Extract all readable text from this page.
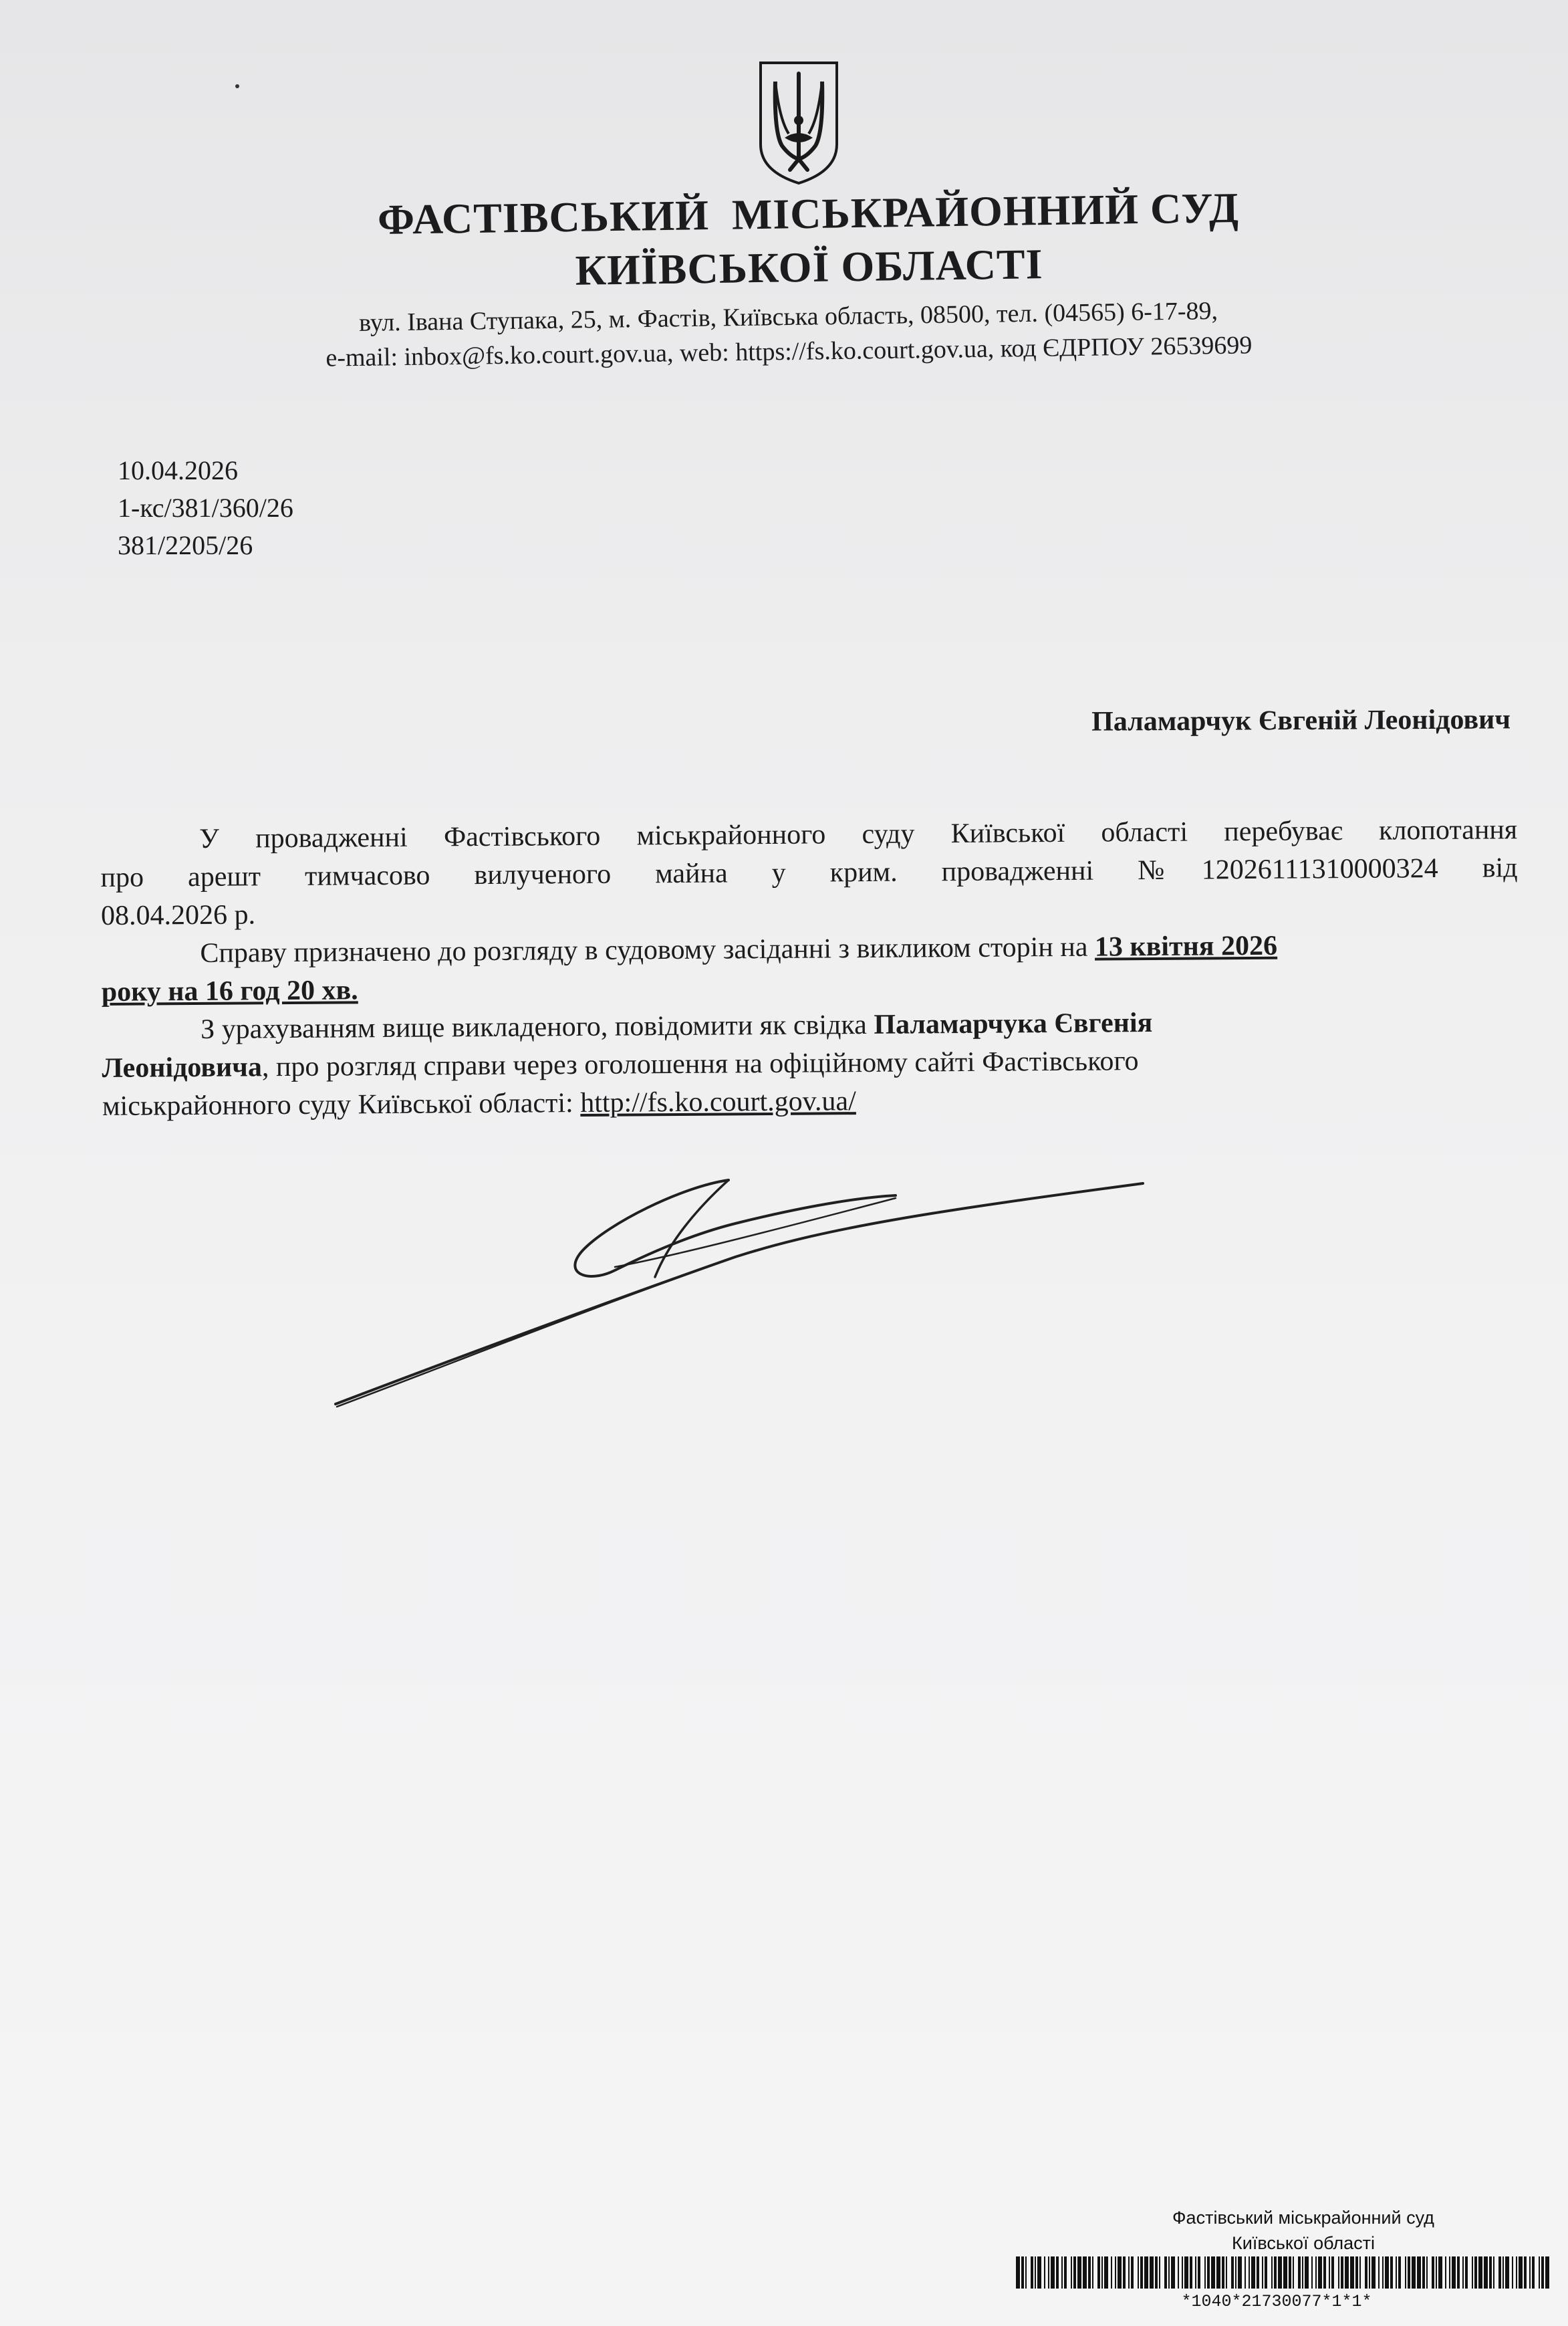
ФАСТІВСЬКИЙ  МІСЬКРАЙОННИЙ СУД
КИЇВСЬКОЇ ОБЛАСТІ
вул. Івана Ступака, 25, м. Фастів, Київська область, 08500, тел. (04565) 6-17-89,
e-mail: inbox@fs.ko.court.gov.ua, web: https://fs.ko.court.gov.ua, код ЄДРПОУ 26539699
10.04.2026
1-кс/381/360/26
381/2205/26
Паламарчук Євгеній Леонідович

У провадженні Фастівського міськрайонного суду Київської області перебуває клопотання

про арешт тимчасово вилученого майна у крим. провадженні №12026111310000324 від

08.04.2026 р.

Справу призначено до розгляду в судовому засіданні з викликом сторін на 13 квітня 2026

року на 16 год 20 хв.

З урахуванням вище викладеного, повідомити як свідка Паламарчука Євгенія

Леонідовича, про розгляд справи через оголошення на офіційному сайті Фастівського

міськрайонного суду Київської області: http://fs.ko.court.gov.ua/

Фастівський міськрайонний суд
Київської області
*1040*21730077*1*1*
